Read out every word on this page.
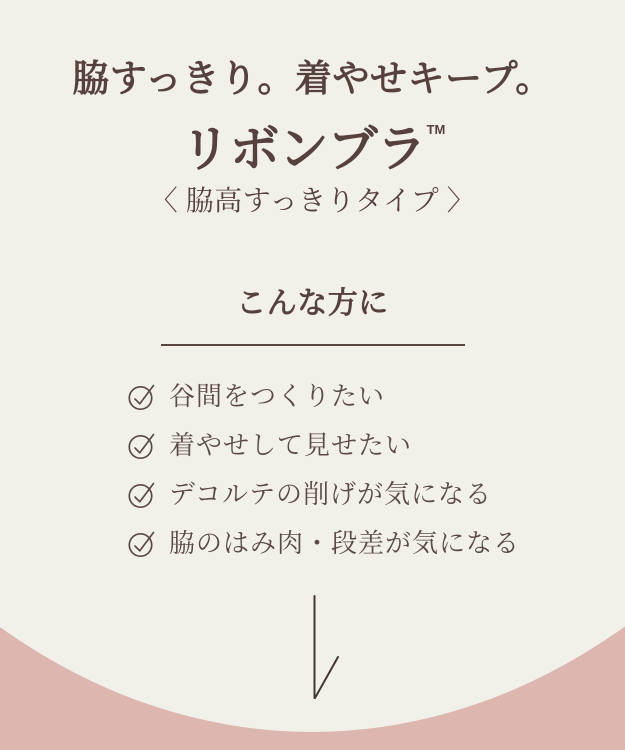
脇すっきり。着やせキープ。
リボンブラTM
〈 脇高すっきりタイプ 〉
こんな方に
谷間をつくりたい
着やせして見せたい
デコルテの削げが気になる
脇のはみ肉・段差が気になる
